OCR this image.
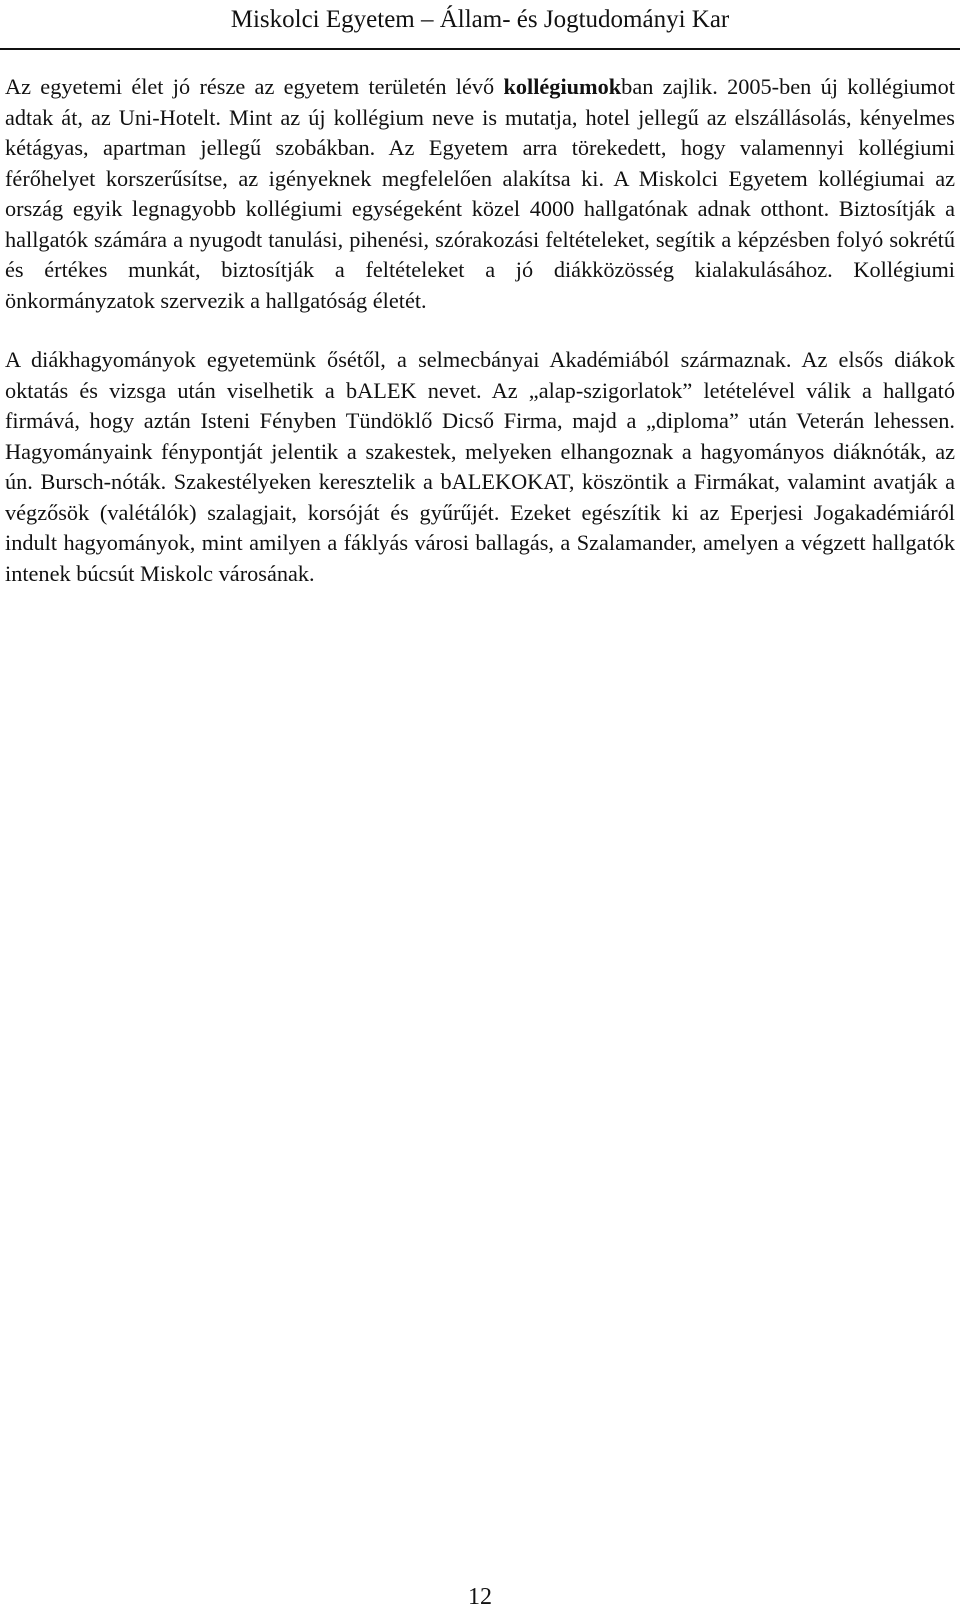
Miskolci Egyetem – Állam- és Jogtudományi Kar

Az egyetemi élet jó része az egyetem területén lévő kollégiumokban zajlik. 2005-ben új kollégiumot adtak át, az Uni-Hotelt. Mint az új kollégium neve is mutatja, hotel jellegű az elszállásolás, kényelmes kétágyas, apartman jellegű szobákban. Az Egyetem arra törekedett, hogy valamennyi kollégiumi férőhelyet korszerűsítse, az igényeknek megfelelően alakítsa ki. A Miskolci Egyetem kollégiumai az ország egyik legnagyobb kollégiumi egységeként közel 4000 hallgatónak adnak otthont. Biztosítják a hallgatók számára a nyugodt tanulási, pihenési, szórakozási feltételeket, segítik a képzésben folyó sokrétű és értékes munkát, biztosítják a feltételeket a jó diákközösség kialakulásához. Kollégiumi önkormányzatok szervezik a hallgatóság életét.

A diákhagyományok egyetemünk ősétől, a selmecbányai Akadémiából származnak. Az elsős diákok oktatás és vizsga után viselhetik a bALEK nevet. Az „alap-szigorlatok” letételével válik a hallgató firmává, hogy aztán Isteni Fényben Tündöklő Dicső Firma, majd a „diploma” után Veterán lehessen. Hagyományaink fénypontját jelentik a szakestek, melyeken elhangoznak a hagyományos diáknóták, az ún. Bursch-nóták. Szakestélyeken keresztelik a bALEKOKAT, köszöntik a Firmákat, valamint avatják a végzősök (valétálók) szalagjait, korsóját és gyűrűjét. Ezeket egészítik ki az Eperjesi Jogakadémiáról indult hagyományok, mint amilyen a fáklyás városi ballagás, a Szalamander, amelyen a végzett hallgatók intenek búcsút Miskolc városának.

12
